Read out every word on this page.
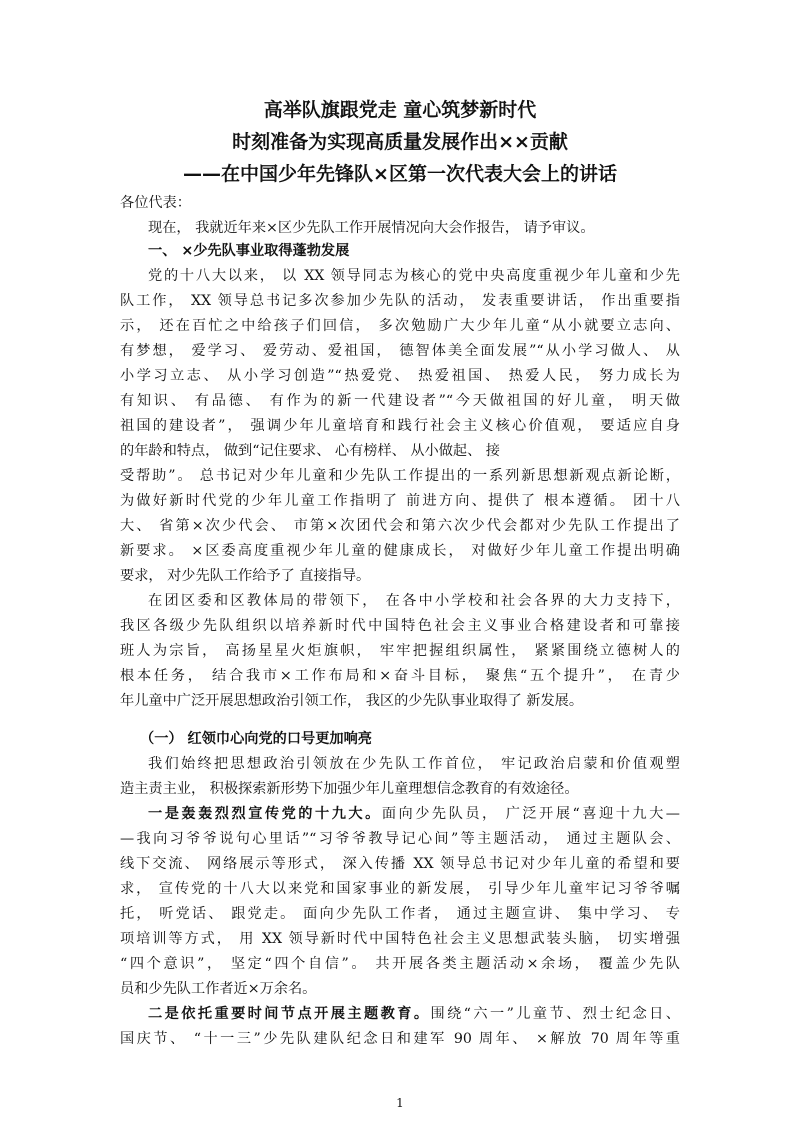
高举队旗跟党走 童心筑梦新时代
时刻准备为实现高质量发展作出××贡献
——在中国少年先锋队×区第一次代表大会上的讲话
各位代表：
现在， 我就近年来×区少先队工作开展情况向大会作报告， 请予审议。
一、 ×少先队事业取得蓬勃发展
党的十八大以来， 以 XX 领导同志为核心的党中央高度重视少年儿童和少先
队工作， XX 领导总书记多次参加少先队的活动， 发表重要讲话， 作出重要指
示， 还在百忙之中给孩子们回信， 多次勉励广大少年儿童“从小就要立志向、
有梦想， 爱学习、 爱劳动、爱祖国， 德智体美全面发展”“从小学习做人、 从
小学习立志、 从小学习创造”“热爱党、 热爱祖国、 热爱人民， 努力成长为
有知识、 有品德、 有作为的新一代建设者”“今天做祖国的好儿童， 明天做
祖国的建设者”， 强调少年儿童培育和践行社会主义核心价值观， 要适应自身
的年龄和特点， 做到“记住要求、 心有榜样、 从小做起、 接
受帮助”。 总书记对少年儿童和少先队工作提出的一系列新思想新观点新论断，
为做好新时代党的少年儿童工作指明了 前进方向、提供了 根本遵循。 团十八
大、 省第×次少代会、 市第×次团代会和第六次少代会都对少先队工作提出了
新要求。 ×区委高度重视少年儿童的健康成长， 对做好少年儿童工作提出明确
要求， 对少先队工作给予了 直接指导。
在团区委和区教体局的带领下， 在各中小学校和社会各界的大力支持下，
我区各级少先队组织以培养新时代中国特色社会主义事业合格建设者和可靠接
班人为宗旨， 高扬星星火炬旗帜， 牢牢把握组织属性， 紧紧围绕立德树人的
根本任务， 结合我市×工作布局和×奋斗目标， 聚焦“五个提升”， 在青少
年儿童中广泛开展思想政治引领工作， 我区的少先队事业取得了 新发展。
（一） 红领巾心向党的口号更加响亮
我们始终把思想政治引领放在少先队工作首位， 牢记政治启蒙和价值观塑
造主责主业， 积极探索新形势下加强少年儿童理想信念教育的有效途径。
一是轰轰烈烈宣传党的十九大。面向少先队员， 广泛开展“喜迎十九大—
—我向习爷爷说句心里话”“习爷爷教导记心间”等主题活动， 通过主题队会、
线下交流、 网络展示等形式， 深入传播 XX 领导总书记对少年儿童的希望和要
求， 宣传党的十八大以来党和国家事业的新发展， 引导少年儿童牢记习爷爷嘱
托， 听党话、 跟党走。 面向少先队工作者， 通过主题宣讲、 集中学习、 专
项培训等方式， 用 XX 领导新时代中国特色社会主义思想武装头脑， 切实增强
“四个意识”， 坚定“四个自信”。 共开展各类主题活动×余场， 覆盖少先队
员和少先队工作者近×万余名。
二是依托重要时间节点开展主题教育。围绕“六一”儿童节、烈士纪念日、
国庆节、 “十一三”少先队建队纪念日和建军 90 周年、 ×解放 70 周年等重
1
